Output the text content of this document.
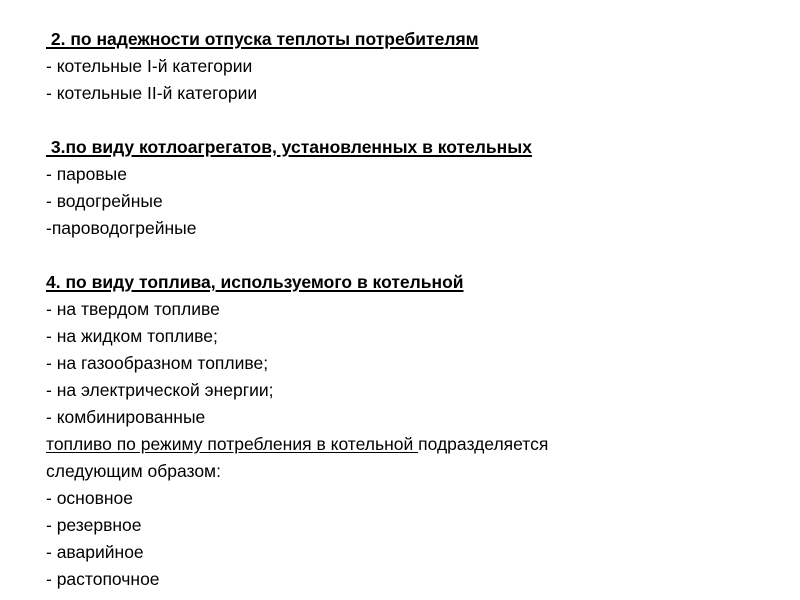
2. по надежности отпуска теплоты потребителям
- котельные I-й категории
- котельные II-й категории
3.по виду котлоагрегатов, установленных в котельных
- паровые
- водогрейные
-пароводогрейные
4. по виду топлива, используемого в котельной
- на твердом топливе
- на жидком топливе;
- на газообразном топливе;
- на электрической энергии;
- комбинированные
топливо по режиму потребления в котельной подразделяется
следующим образом:
- основное
- резервное
- аварийное
- растопочное
